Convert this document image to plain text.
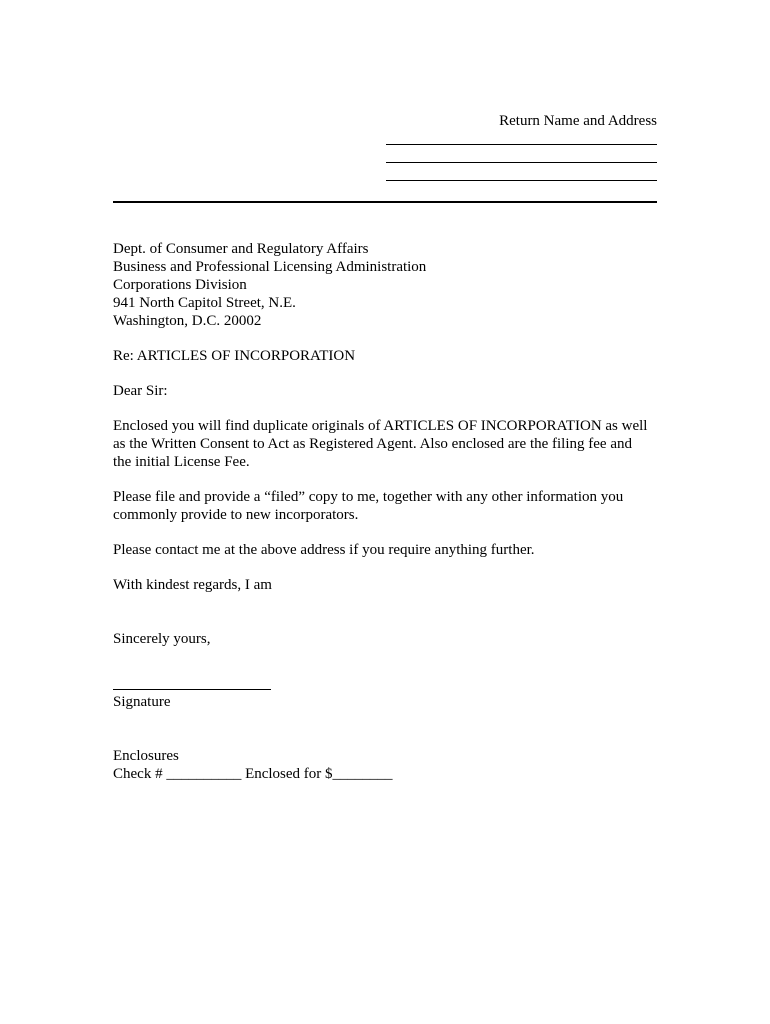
Return Name and Address
Dept. of Consumer and Regulatory Affairs
Business and Professional Licensing Administration
Corporations Division
941 North Capitol Street, N.E.
Washington, D.C. 20002
Re: ARTICLES OF INCORPORATION
Dear Sir:
Enclosed you will find duplicate originals of ARTICLES OF INCORPORATION as well
as the Written Consent to Act as Registered Agent. Also enclosed are the filing fee and
the initial License Fee.
Please file and provide a “filed” copy to me, together with any other information you
commonly provide to new incorporators.
Please contact me at the above address if you require anything further.
With kindest regards, I am
Sincerely yours,
Signature
Enclosures
Check # __________ Enclosed for $________
